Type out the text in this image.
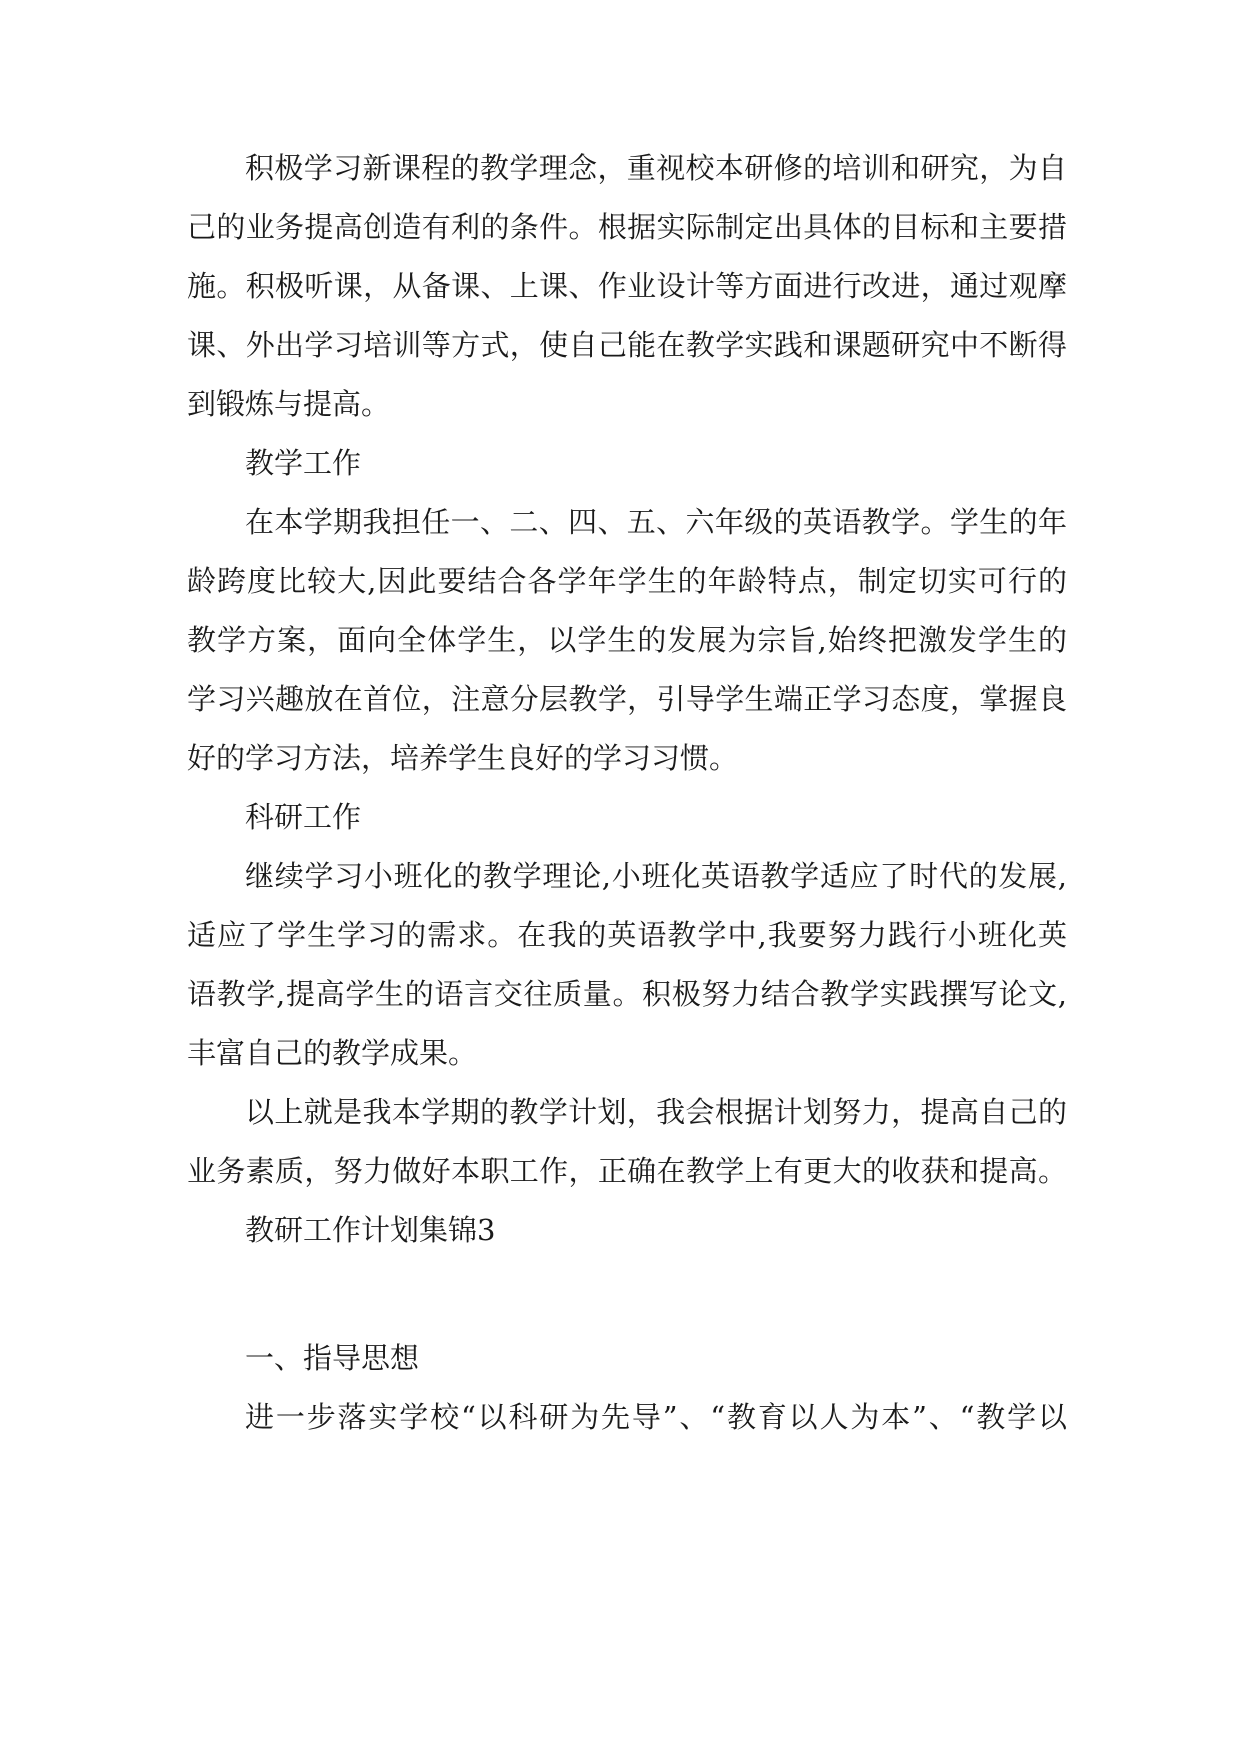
积极学习新课程的教学理念，重视校本研修的培训和研究，为自
己的业务提高创造有利的条件。根据实际制定出具体的目标和主要措
施。积极听课，从备课、上课、作业设计等方面进行改进，通过观摩
课、外出学习培训等方式，使自己能在教学实践和课题研究中不断得
到锻炼与提高。
教学工作
在本学期我担任一、二、四、五、六年级的英语教学。学生的年
龄跨度比较大,因此要结合各学年学生的年龄特点，制定切实可行的
教学方案，面向全体学生，以学生的发展为宗旨,始终把激发学生的
学习兴趣放在首位，注意分层教学，引导学生端正学习态度，掌握良
好的学习方法，培养学生良好的学习习惯。
科研工作
继续学习小班化的教学理论,小班化英语教学适应了时代的发展,
适应了学生学习的需求。在我的英语教学中,我要努力践行小班化英
语教学,提高学生的语言交往质量。积极努力结合教学实践撰写论文,
丰富自己的教学成果。
以上就是我本学期的教学计划，我会根据计划努力，提高自己的
业务素质，努力做好本职工作，正确在教学上有更大的收获和提高。
教研工作计划集锦3
一、指导思想
进一步落实学校“以科研为先导”、“教育以人为本”、“教学以
